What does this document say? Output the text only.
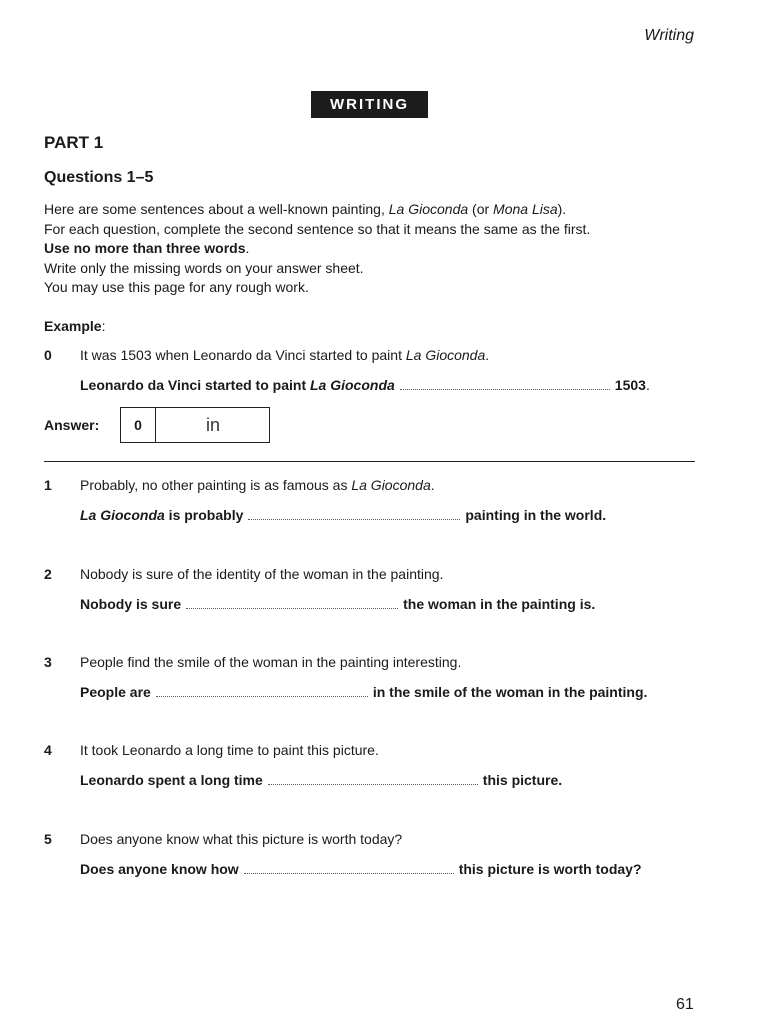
Writing
WRITING
PART 1
Questions 1–5

Here are some sentences about a well-known painting, La Gioconda (or Mona Lisa).

For each question, complete the second sentence so that it means the same as the first.

Use no more than three words.

Write only the missing words on your answer sheet.

You may use this page for any rough work.

Example:
0 It was 1503 when Leonardo da Vinci started to paint La Gioconda.
Leonardo da Vinci started to paint La Gioconda	1503.
Answer:	0	in
1 Probably, no other painting is as famous as La Gioconda.
La Gioconda is probably	painting in the world.
2 Nobody is sure of the identity of the woman in the painting.
Nobody is sure	the woman in the painting is.
3 People find the smile of the woman in the painting interesting.
People are	in the smile of the woman in the painting.
4 It took Leonardo a long time to paint this picture.
Leonardo spent a long time	this picture.
5 Does anyone know what this picture is worth today?
Does anyone know how	this picture is worth today?
61
